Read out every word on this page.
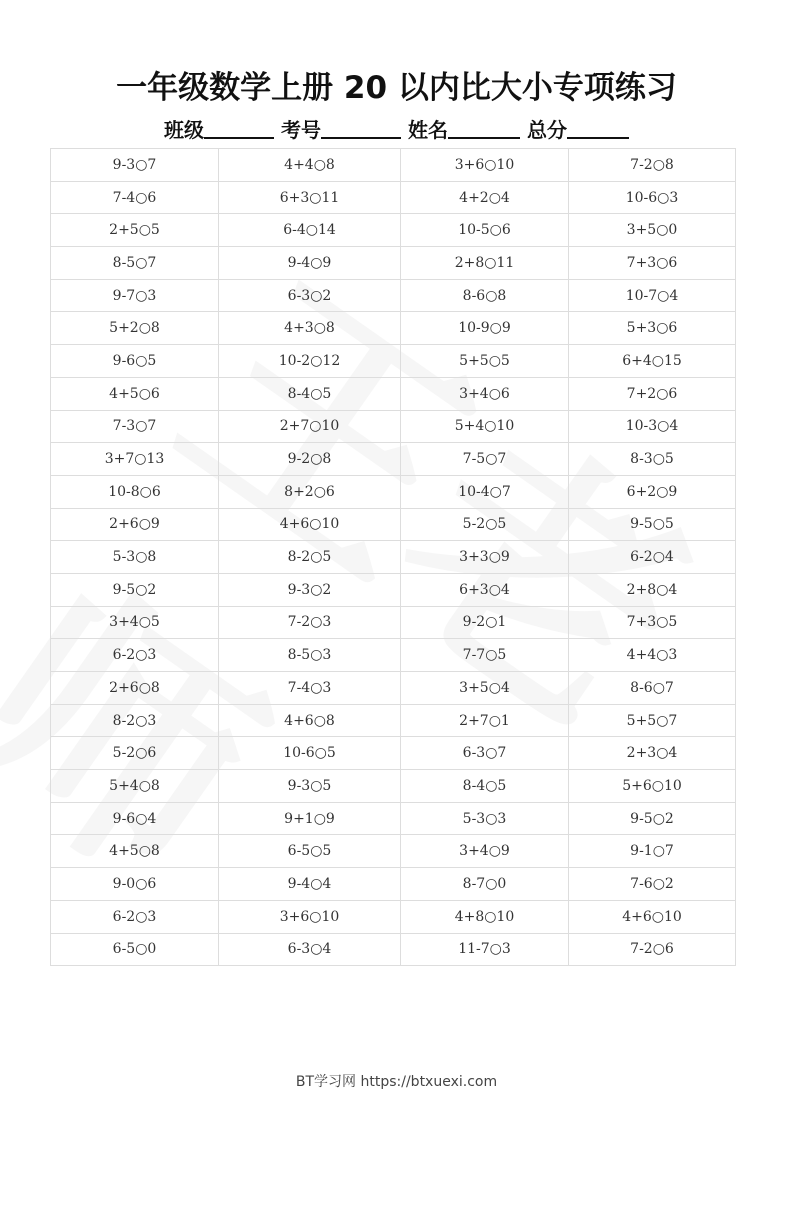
一年级数学上册 20 以内比大小专项练习
班级	考号	姓名	总分
9-3○7	4+4○8	3+6○10	7-2○8
7-4○6	6+3○11	4+2○4	10-6○3
2+5○5	6-4○14	10-5○6	3+5○0
8-5○7	9-4○9	2+8○11	7+3○6
9-7○3	6-3○2	8-6○8	10-7○4
5+2○8	4+3○8	10-9○9	5+3○6
9-6○5	10-2○12	5+5○5	6+4○15
4+5○6	8-4○5	3+4○6	7+2○6
7-3○7	2+7○10	5+4○10	10-3○4
3+7○13	9-2○8	7-5○7	8-3○5
10-8○6	8+2○6	10-4○7	6+2○9
2+6○9	4+6○10	5-2○5	9-5○5
5-3○8	8-2○5	3+3○9	6-2○4
9-5○2	9-3○2	6+3○4	2+8○4
3+4○5	7-2○3	9-2○1	7+3○5
6-2○3	8-5○3	7-7○5	4+4○3
2+6○8	7-4○3	3+5○4	8-6○7
8-2○3	4+6○8	2+7○1	5+5○7
5-2○6	10-6○5	6-3○7	2+3○4
5+4○8	9-3○5	8-4○5	5+6○10
9-6○4	9+1○9	5-3○3	9-5○2
4+5○8	6-5○5	3+4○9	9-1○7
9-0○6	9-4○4	8-7○0	7-6○2
6-2○3	3+6○10	4+8○10	4+6○10
6-5○0	6-3○4	11-7○3	7-2○6
BT学习网 https://btxuexi.com
